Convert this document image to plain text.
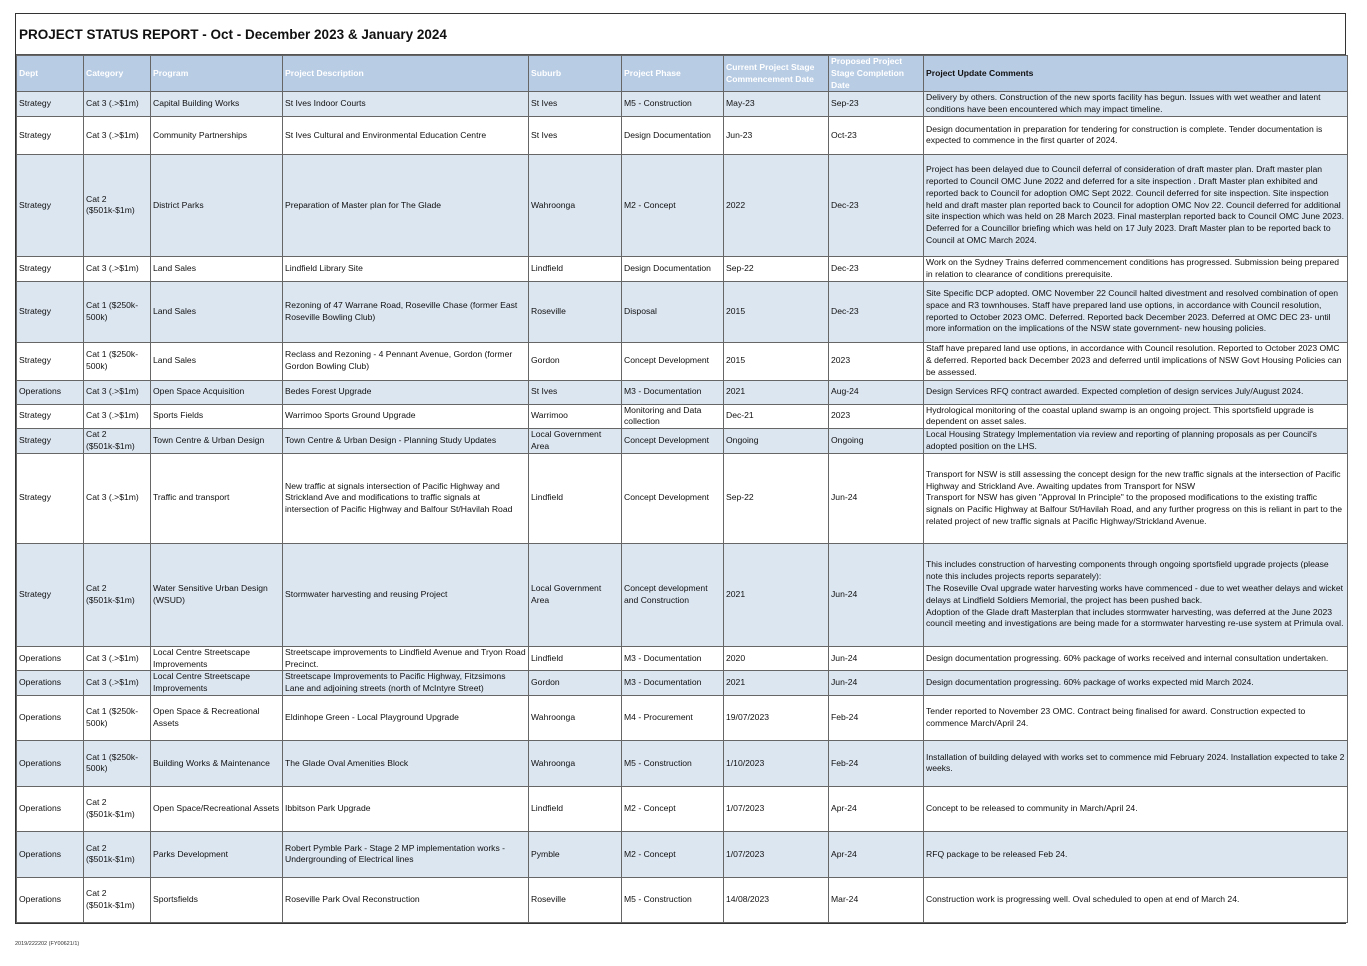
PROJECT STATUS REPORT - Oct - December 2023 & January 2024
Dept	Category	Program	Project Description	Suburb	Project Phase	Current Project Stage Commencement Date	Proposed Project Stage Completion Date	Project Update Comments
Strategy	Cat 3 (.>$1m)	Capital Building Works	St Ives Indoor Courts	St Ives	M5 - Construction	May-23	Sep-23	Delivery by others. Construction of the new sports facility has begun. Issues with wet weather and latent conditions have been encountered which may impact timeline.
Strategy	Cat 3 (.>$1m)	Community Partnerships	St Ives Cultural and Environmental Education Centre	St Ives	Design Documentation	Jun-23	Oct-23	Design documentation in preparation for tendering for construction is complete. Tender documentation is expected to commence in the first quarter of 2024.
Strategy	Cat 2 ($501k-$1m)	District Parks	Preparation of Master plan for The Glade	Wahroonga	M2 - Concept	2022	Dec-23	Project has been delayed due to Council deferral of consideration of draft master plan. Draft master plan reported to Council OMC June 2022 and deferred for a site inspection . Draft Master plan exhibited and reported back to Council for adoption OMC Sept 2022. Council deferred for site inspection. Site inspection held and draft master plan reported back to Council for adoption OMC Nov 22. Council deferred for additional site inspection which was held on 28 March 2023. Final masterplan reported back to Council OMC June 2023. Deferred for a Councillor briefing which was held on 17 July 2023. Draft Master plan to be reported back to Council at OMC March 2024.
Strategy	Cat 3 (.>$1m)	Land Sales	Lindfield Library Site	Lindfield	Design Documentation	Sep-22	Dec-23	Work on the Sydney Trains deferred commencement conditions has progressed. Submission being prepared in relation to clearance of conditions prerequisite.
Strategy	Cat 1 ($250k-500k)	Land Sales	Rezoning of 47 Warrane Road, Roseville Chase (former East Roseville Bowling Club)	Roseville	Disposal	2015	Dec-23	Site Specific DCP adopted. OMC November 22 Council halted divestment and resolved combination of open space and R3 townhouses. Staff have prepared land use options, in accordance with Council resolution, reported to October 2023 OMC. Deferred. Reported back December 2023. Deferred at OMC DEC 23- until more information on the implications of the NSW state government- new housing policies.
Strategy	Cat 1 ($250k-500k)	Land Sales	Reclass and Rezoning - 4 Pennant Avenue, Gordon (former Gordon Bowling Club)	Gordon	Concept Development	2015	2023	Staff have prepared land use options, in accordance with Council resolution. Reported to October 2023 OMC & deferred. Reported back December 2023 and deferred until implications of NSW Govt Housing Policies can be assessed.
Operations	Cat 3 (.>$1m)	Open Space Acquisition	Bedes Forest Upgrade	St Ives	M3 - Documentation	2021	Aug-24	Design Services RFQ contract awarded. Expected completion of design services July/August 2024.
Strategy	Cat 3 (.>$1m)	Sports Fields	Warrimoo Sports Ground Upgrade	Warrimoo	Monitoring and Data collection	Dec-21	2023	Hydrological monitoring of the coastal upland swamp is an ongoing project. This sportsfield upgrade is dependent on asset sales.
Strategy	Cat 2 ($501k-$1m)	Town Centre & Urban Design	Town Centre & Urban Design - Planning Study Updates	Local Government Area	Concept Development	Ongoing	Ongoing	Local Housing Strategy Implementation via review and reporting of planning proposals as per Council's adopted position on the LHS.
Strategy	Cat 3 (.>$1m)	Traffic and transport	New traffic at signals intersection of Pacific Highway and Strickland Ave and modifications to traffic signals at intersection of Pacific Highway and Balfour St/Havilah Road	Lindfield	Concept Development	Sep-22	Jun-24	Transport for NSW is still assessing the concept design for the new traffic signals at the intersection of Pacific Highway and Strickland Ave. Awaiting updates from Transport for NSW
Transport for NSW has given "Approval In Principle" to the proposed modifications to the existing traffic signals on Pacific Highway at Balfour St/Havilah Road, and any further progress on this is reliant in part to the related project of new traffic signals at Pacific Highway/Strickland Avenue.
Strategy	Cat 2 ($501k-$1m)	Water Sensitive Urban Design (WSUD)	Stormwater harvesting and reusing Project	Local Government Area	Concept development and Construction	2021	Jun-24	This includes construction of harvesting components through ongoing sportsfield upgrade projects (please note this includes projects reports separately):
The Roseville Oval upgrade water harvesting works have commenced - due to wet weather delays and wicket delays at Lindfield Soldiers Memorial, the project has been pushed back.
Adoption of the Glade draft Masterplan that includes stormwater harvesting, was deferred at the June 2023 council meeting and investigations are being made for a stormwater harvesting re-use system at Primula oval.
Operations	Cat 3 (.>$1m)	Local Centre Streetscape Improvements	Streetscape improvements to Lindfield Avenue and Tryon Road Precinct.	Lindfield	M3 - Documentation	2020	Jun-24	Design documentation progressing. 60% package of works received and internal consultation undertaken.
Operations	Cat 3 (.>$1m)	Local Centre Streetscape Improvements	Streetscape Improvements to Pacific Highway, Fitzsimons Lane and adjoining streets (north of McIntyre Street)	Gordon	M3 - Documentation	2021	Jun-24	Design documentation progressing. 60% package of works expected mid March 2024.
Operations	Cat 1 ($250k-500k)	Open Space & Recreational Assets	Eldinhope Green - Local Playground Upgrade	Wahroonga	M4 - Procurement	19/07/2023	Feb-24	Tender reported to November 23 OMC. Contract being finalised for award. Construction expected to commence March/April 24.
Operations	Cat 1 ($250k-500k)	Building Works & Maintenance	The Glade Oval Amenities Block	Wahroonga	M5 - Construction	1/10/2023	Feb-24	Installation of building delayed with works set to commence mid February 2024. Installation expected to take 2 weeks.
Operations	Cat 2 ($501k-$1m)	Open Space/Recreational Assets	Ibbitson Park Upgrade	Lindfield	M2 - Concept	1/07/2023	Apr-24	Concept to be released to community in March/April 24.
Operations	Cat 2 ($501k-$1m)	Parks Development	Robert Pymble Park - Stage 2 MP implementation works - Undergrounding of Electrical lines	Pymble	M2 - Concept	1/07/2023	Apr-24	RFQ package to be released Feb 24.
Operations	Cat 2 ($501k-$1m)	Sportsfields	Roseville Park Oval Reconstruction	Roseville	M5 - Construction	14/08/2023	Mar-24	Construction work is progressing well. Oval scheduled to open at end of March 24.
2019/222202 (FY00621/1)
